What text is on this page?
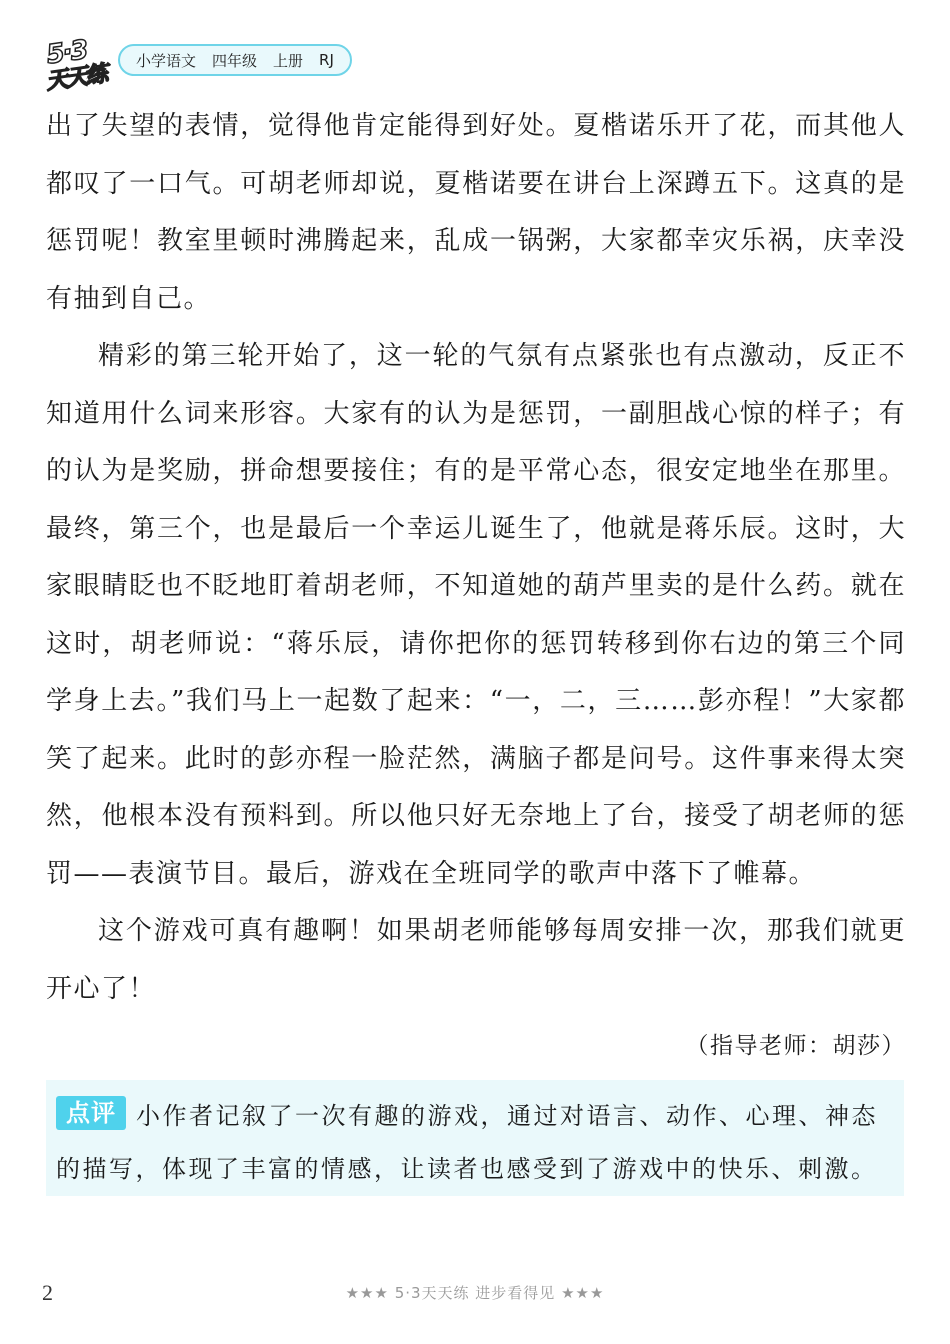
5·3
天天练
小学语文 四年级 上册 RJ

出了失望的表情，觉得他肯定能得到好处。夏楷诺乐开了花，而其他人都叹了一口气。可胡老师却说，夏楷诺要在讲台上深蹲五下。这真的是惩罚呢！教室里顿时沸腾起来，乱成一锅粥，大家都幸灾乐祸，庆幸没有抽到自己。

精彩的第三轮开始了，这一轮的气氛有点紧张也有点激动，反正不知道用什么词来形容。大家有的认为是惩罚，一副胆战心惊的样子；有的认为是奖励，拼命想要接住；有的是平常心态，很安定地坐在那里。最终，第三个，也是最后一个幸运儿诞生了，他就是蒋乐辰。这时，大家眼睛眨也不眨地盯着胡老师，不知道她的葫芦里卖的是什么药。就在这时，胡老师说：“蒋乐辰，请你把你的惩罚转移到你右边的第三个同学身上去。”我们马上一起数了起来：“一，二，三……彭亦程！”大家都笑了起来。此时的彭亦程一脸茫然，满脑子都是问号。这件事来得太突然，他根本没有预料到。所以他只好无奈地上了台，接受了胡老师的惩罚——表演节目。最后，游戏在全班同学的歌声中落下了帷幕。

这个游戏可真有趣啊！如果胡老师能够每周安排一次，那我们就更开心了！

（指导老师：胡莎）

点评 小作者记叙了一次有趣的游戏，通过对语言、动作、心理、神态的描写，体现了丰富的情感，让读者也感受到了游戏中的快乐、刺激。
2	★★★ 5·3天天练 进步看得见 ★★★
